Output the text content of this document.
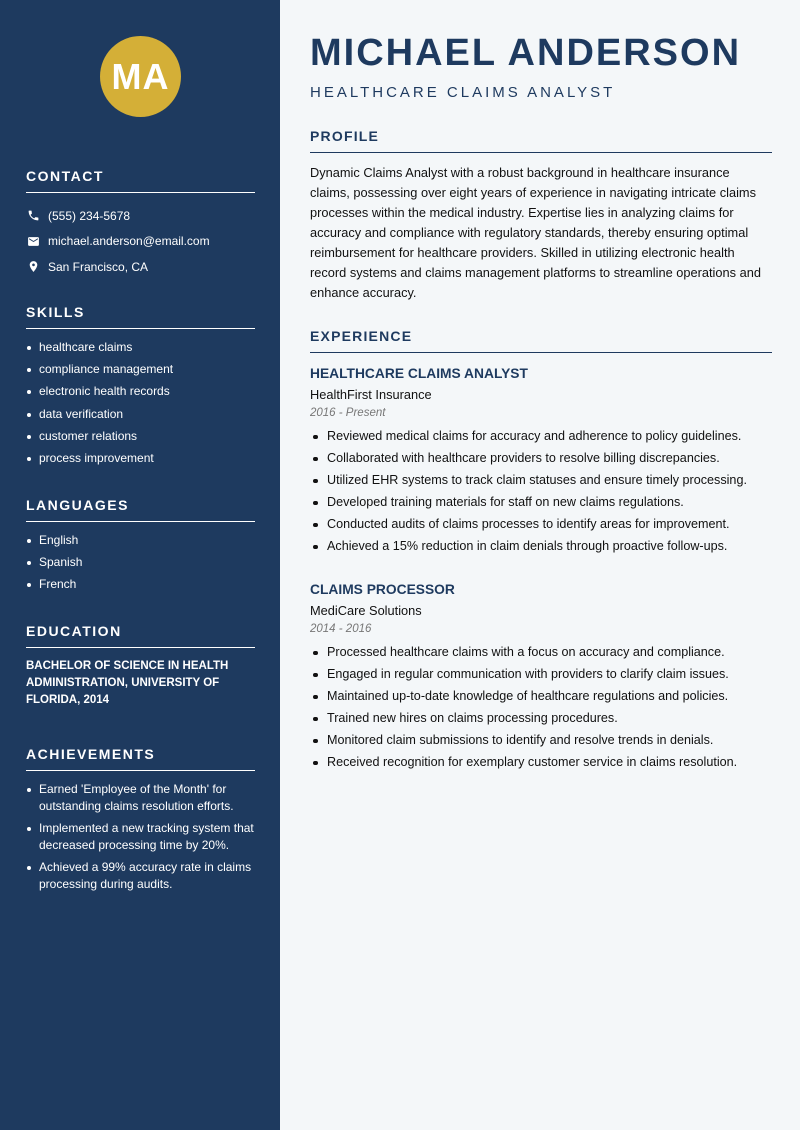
MA
CONTACT
(555) 234-5678
michael.anderson@email.com
San Francisco, CA
SKILLS
healthcare claims
compliance management
electronic health records
data verification
customer relations
process improvement
LANGUAGES
English
Spanish
French
EDUCATION
BACHELOR OF SCIENCE IN HEALTH ADMINISTRATION, UNIVERSITY OF FLORIDA, 2014
ACHIEVEMENTS
Earned 'Employee of the Month' for outstanding claims resolution efforts.
Implemented a new tracking system that decreased processing time by 20%.
Achieved a 99% accuracy rate in claims processing during audits.
MICHAEL ANDERSON
HEALTHCARE CLAIMS ANALYST
PROFILE
Dynamic Claims Analyst with a robust background in healthcare insurance claims, possessing over eight years of experience in navigating intricate claims processes within the medical industry. Expertise lies in analyzing claims for accuracy and compliance with regulatory standards, thereby ensuring optimal reimbursement for healthcare providers. Skilled in utilizing electronic health record systems and claims management platforms to streamline operations and enhance accuracy.
EXPERIENCE
HEALTHCARE CLAIMS ANALYST
HealthFirst Insurance
2016 - Present
Reviewed medical claims for accuracy and adherence to policy guidelines.
Collaborated with healthcare providers to resolve billing discrepancies.
Utilized EHR systems to track claim statuses and ensure timely processing.
Developed training materials for staff on new claims regulations.
Conducted audits of claims processes to identify areas for improvement.
Achieved a 15% reduction in claim denials through proactive follow-ups.
CLAIMS PROCESSOR
MediCare Solutions
2014 - 2016
Processed healthcare claims with a focus on accuracy and compliance.
Engaged in regular communication with providers to clarify claim issues.
Maintained up-to-date knowledge of healthcare regulations and policies.
Trained new hires on claims processing procedures.
Monitored claim submissions to identify and resolve trends in denials.
Received recognition for exemplary customer service in claims resolution.
